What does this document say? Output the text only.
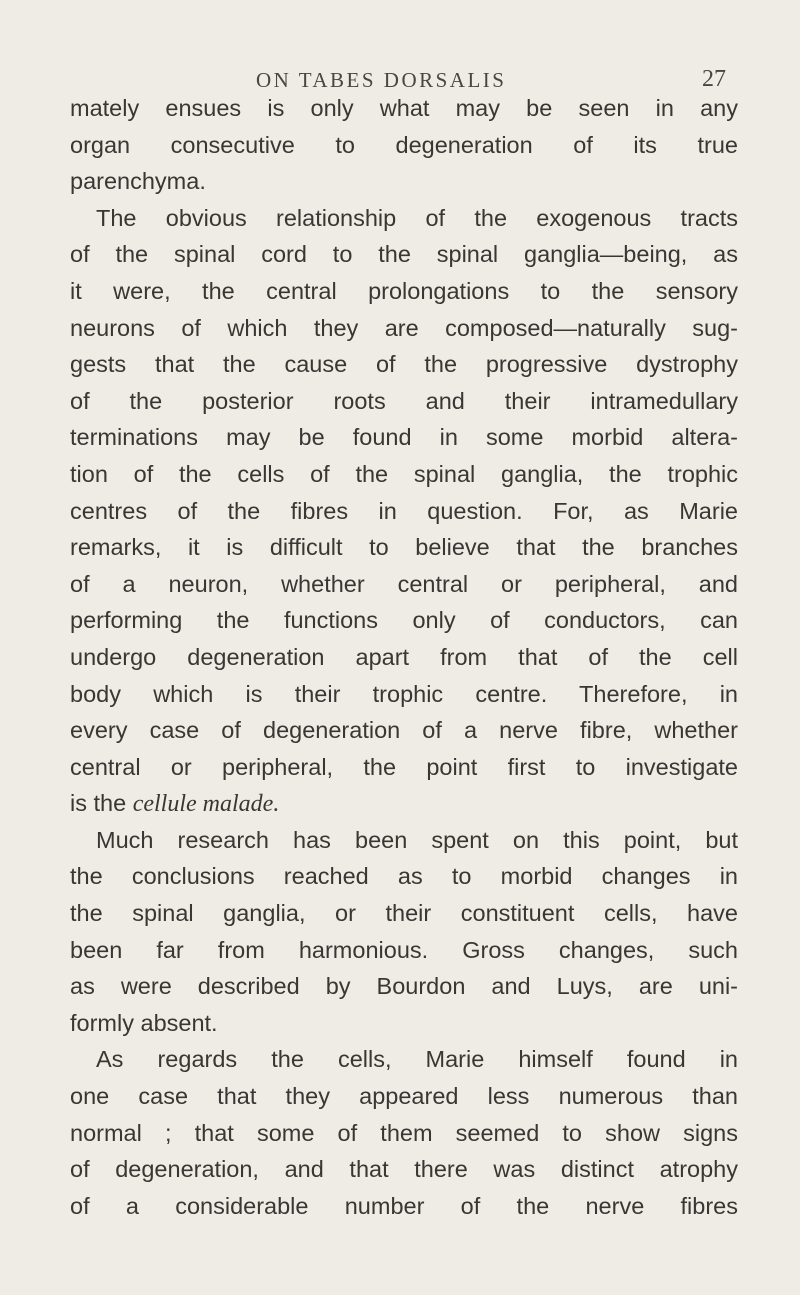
ON TABES DORSALIS	27
mately ensues is only what may be seen in any
organ consecutive to degeneration of its true
parenchyma.
The obvious relationship of the exogenous tracts
of the spinal cord to the spinal ganglia—being, as
it were, the central prolongations to the sensory
neurons of which they are composed—naturally sug-
gests that the cause of the progressive dystrophy
of the posterior roots and their intramedullary
terminations may be found in some morbid altera-
tion of the cells of the spinal ganglia, the trophic
centres of the fibres in question. For, as Marie
remarks, it is difficult to believe that the branches
of a neuron, whether central or peripheral, and
performing the functions only of conductors, can
undergo degeneration apart from that of the cell
body which is their trophic centre. Therefore, in
every case of degeneration of a nerve fibre, whether
central or peripheral, the point first to investigate
is the cellule malade.
Much research has been spent on this point, but
the conclusions reached as to morbid changes in
the spinal ganglia, or their constituent cells, have
been far from harmonious. Gross changes, such
as were described by Bourdon and Luys, are uni-
formly absent.
As regards the cells, Marie himself found in
one case that they appeared less numerous than
normal ; that some of them seemed to show signs
of degeneration, and that there was distinct atrophy
of a considerable number of the nerve fibres
